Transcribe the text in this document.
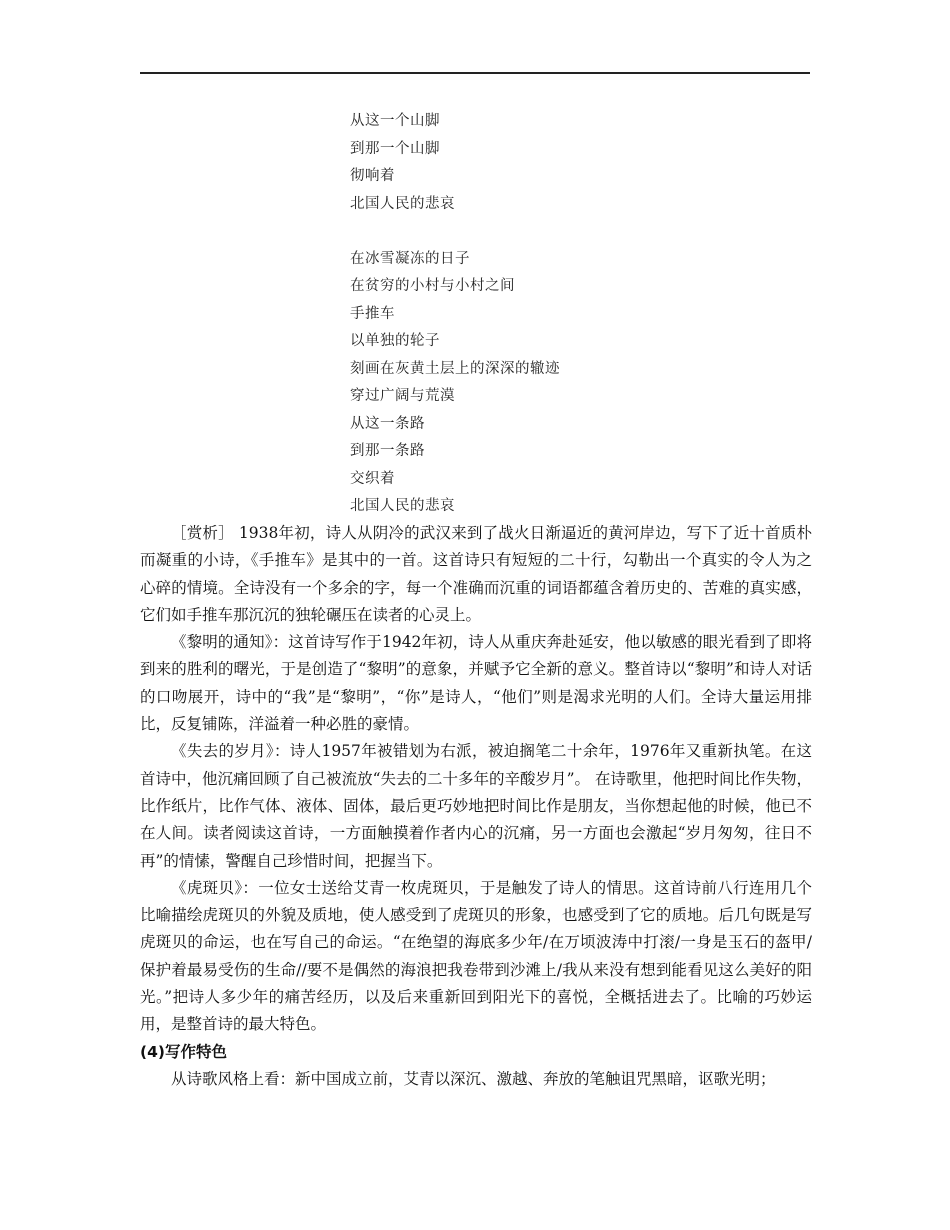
从这一个山脚
到那一个山脚
彻响着
北国人民的悲哀
在冰雪凝冻的日子
在贫穷的小村与小村之间
手推车
以单独的轮子
刻画在灰黄土层上的深深的辙迹
穿过广阔与荒漠
从这一条路
到那一条路
交织着
北国人民的悲哀

［赏析］ 1938年初，诗人从阴冷的武汉来到了战火日渐逼近的黄河岸边，写下了近十首质朴而凝重的小诗，《手推车》是其中的一首。这首诗只有短短的二十行，勾勒出一个真实的令人为之心碎的情境。全诗没有一个多余的字，每一个准确而沉重的词语都蕴含着历史的、苦难的真实感，它们如手推车那沉沉的独轮碾压在读者的心灵上。

《黎明的通知》：这首诗写作于1942年初，诗人从重庆奔赴延安，他以敏感的眼光看到了即将到来的胜利的曙光，于是创造了“黎明”的意象，并赋予它全新的意义。整首诗以“黎明”和诗人对话的口吻展开，诗中的“我”是“黎明”，“你”是诗人，“他们”则是渴求光明的人们。全诗大量运用排比，反复铺陈，洋溢着一种必胜的豪情。

《失去的岁月》：诗人1957年被错划为右派，被迫搁笔二十余年，1976年又重新执笔。在这首诗中，他沉痛回顾了自己被流放“失去的二十多年的辛酸岁月”。 在诗歌里，他把时间比作失物，比作纸片，比作气体、液体、固体，最后更巧妙地把时间比作是朋友，当你想起他的时候，他已不在人间。读者阅读这首诗，一方面触摸着作者内心的沉痛，另一方面也会激起“岁月匆匆，往日不再”的情愫，警醒自己珍惜时间，把握当下。

《虎斑贝》：一位女士送给艾青一枚虎斑贝，于是触发了诗人的情思。这首诗前八行连用几个比喻描绘虎斑贝的外貌及质地，使人感受到了虎斑贝的形象，也感受到了它的质地。后几句既是写虎斑贝的命运，也在写自己的命运。“在绝望的海底多少年/在万顷波涛中打滚/一身是玉石的盔甲/保护着最易受伤的生命//要不是偶然的海浪把我卷带到沙滩上/我从来没有想到能看见这么美好的阳光。”把诗人多少年的痛苦经历，以及后来重新回到阳光下的喜悦，全概括进去了。比喻的巧妙运用，是整首诗的最大特色。

(4)写作特色

从诗歌风格上看：新中国成立前，艾青以深沉、激越、奔放的笔触诅咒黑暗，讴歌光明；
